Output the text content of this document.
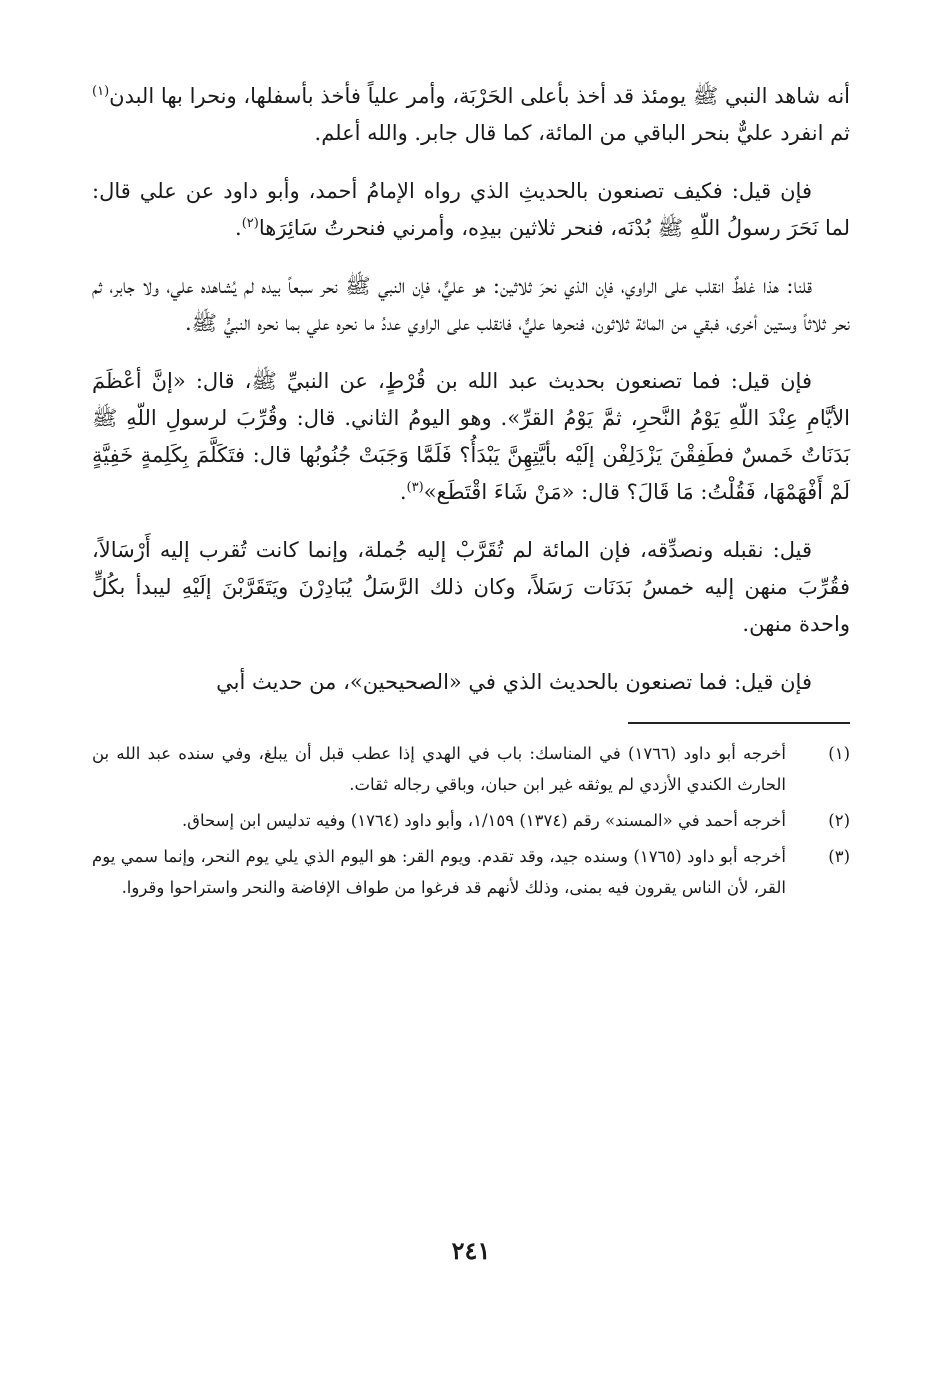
أنه شاهد النبي ﷺ يومئذ قد أخذ بأعلى الحَرْبَة، وأمر علياً فأخذ بأسفلها، ونحرا بها البدن$^{(١)}$ ثم انفرد عليٌّ بنحر الباقي من المائة، كما قال جابر. والله أعلم.

فإن قيل: فكيف تصنعون بالحديثِ الذي رواه الإمامُ أحمد، وأبو داود عن علي قال: لما نَحَرَ رسولُ اللّهِ ﷺ بُدْنَه، فنحر ثلاثين بيدِه، وأمرني فنحرتُ سَائِرَها$^{(٢)}$.

قلنا: هذا غلطٌ انقلب على الراوي، فإن الذي نحرَ ثلاثين: هو عليٌّ، فإن النبي ﷺ نحر سبعاً بيده لم يُشاهده علي، ولا جابر، ثم نحر ثلاثاً وستين أخرى، فبقي من المائة ثلاثون، فنحرها عليٌّ، فانقلب على الراوي عددُ ما نحره علي بما نحره النبيُّ ﷺ.

فإن قيل: فما تصنعون بحديث عبد الله بن قُرْطٍ، عن النبيِّ ﷺ، قال: «إنَّ أعْظَمَ الأيَّامِ عِنْدَ اللّهِ يَوْمُ النَّحرِ، ثمَّ يَوْمُ القرِّ». وهو اليومُ الثاني. قال: وقُرِّبَ لرسولِ اللّهِ ﷺ بَدَنَاتٌ خَمسٌ فطَفِقْنَ يَزْدَلِفْن إلَيْه بأيَّتِهِنَّ يَبْدَأُ؟ فَلَمَّا وَجَبَتْ جُنُوبُها قال: فتَكَلَّمَ بِكَلِمةٍ خَفِيَّةٍ لَمْ أَفْهَمْهَا، فَقُلْتُ: مَا قَالَ؟ قال: «مَنْ شَاءَ اقْتَطَع»$^{(٣)}$.

قيل: نقبله ونصدِّقه، فإن المائة لم تُقَرَّبْ إليه جُملة، وإنما كانت تُقرب إليه أَرْسَالاً، فقُرِّبَ منهن إليه خمسُ بَدَنَات رَسَلاً، وكان ذلك الرَّسَلُ يُبَادِرْنَ ويَتَقَرَّبْنَ إلَيْهِ ليبدأ بكُلٍّ واحدة منهن.

فإن قيل: فما تصنعون بالحديث الذي في «الصحيحين»، من حديث أبي

(١)
أخرجه أبو داود (١٧٦٦) في المناسك: باب في الهدي إذا عطب قبل أن يبلغ، وفي سنده عبد الله بن الحارث الكندي الأزدي لم يوثقه غير ابن حبان، وباقي رجاله ثقات.
(٢)
أخرجه أحمد في «المسند» رقم (١٣٧٤) ١/١٥٩، وأبو داود (١٧٦٤) وفيه تدليس ابن إسحاق.
(٣)
أخرجه أبو داود (١٧٦٥) وسنده جيد، وقد تقدم. ويوم القر: هو اليوم الذي يلي يوم النحر، وإنما سمي يوم القر، لأن الناس يقرون فيه بمنى، وذلك لأنهم قد فرغوا من طواف الإفاضة والنحر واستراحوا وقروا.
٢٤١
